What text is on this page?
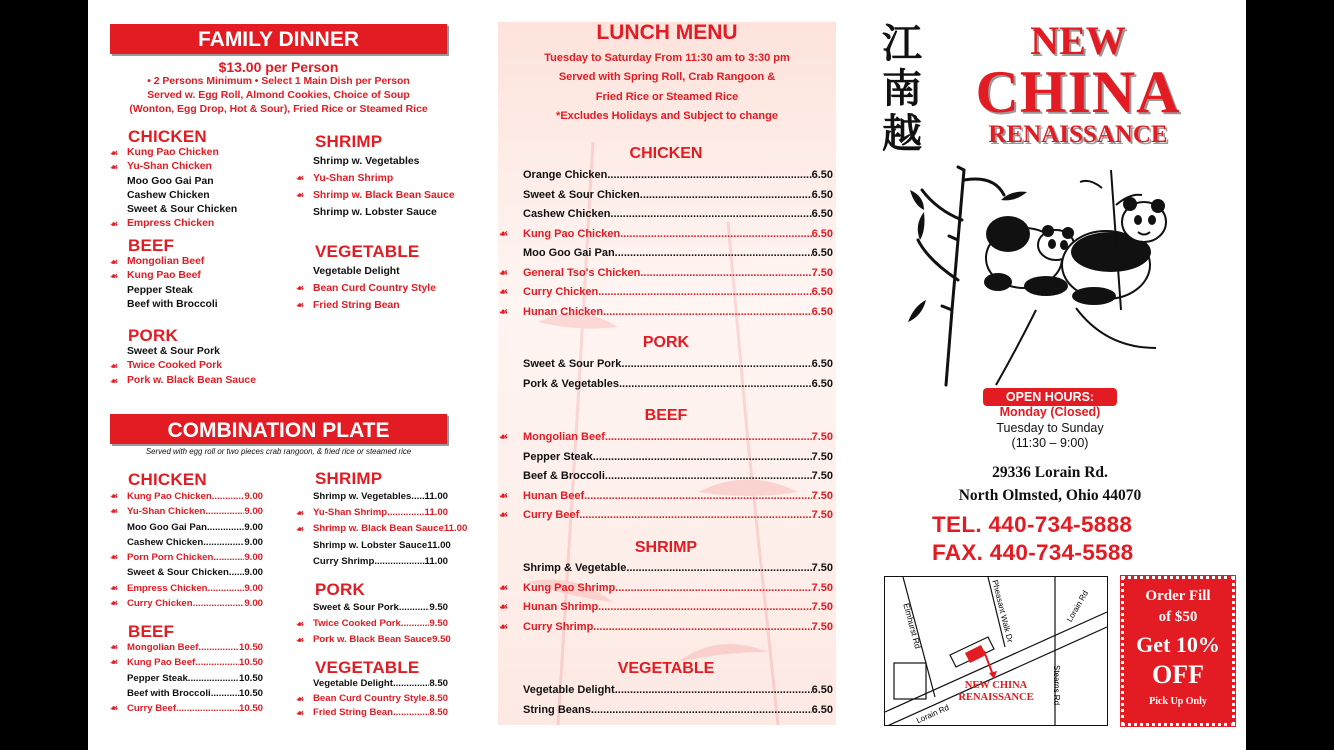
FAMILY DINNER
$13.00 per Person
• 2 Persons Minimum • Select 1 Main Dish per Person
Served w. Egg Roll, Almond Cookies, Choice of Soup
(Wonton, Egg Drop, Hot & Sour), Fried Rice or Steamed Rice
CHICKEN
☙ Kung Pao Chicken
☙ Yu-Shan Chicken
Moo Goo Gai Pan
Cashew Chicken
Sweet & Sour Chicken
☙ Empress Chicken
BEEF
☙ Mongolian Beef
☙ Kung Pao Beef
Pepper Steak
Beef with Broccoli
PORK
Sweet & Sour Pork
☙ Twice Cooked Pork
☙ Pork w. Black Bean Sauce
SHRIMP
Shrimp w. Vegetables
☙ Yu-Shan Shrimp
☙ Shrimp w. Black Bean Sauce
Shrimp w. Lobster Sauce
VEGETABLE
Vegetable Delight
☙ Bean Curd Country Style
☙ Fried String Bean
COMBINATION PLATE
Served with egg roll or two pieces crab rangoon, & fried rice or steamed rice
CHICKEN
☙ Kung Pao Chicken .....	9.00
☙ Yu-Shan Chicken .....	9.00
Moo Goo Gai Pan .....	9.00
Cashew Chicken .....	9.00
☙ Porn Porn Chicken .....	9.00
Sweet & Sour Chicken ..... 9.00
☙ Empress Chicken .....	9.00
☙ Curry Chicken .....	9.00
BEEF
☙ Mongolian Beef .....	10.50
☙ Kung Pao Beef .....	10.50
Pepper Steak .....	10.50
Beef with Broccoli .....	10.50
☙ Curry Beef .....	10.50
SHRIMP
Shrimp w. Vegetables ..... 11.00
☙ Yu-Shan Shrimp .....	11.00
☙ Shrimp w. Black Bean Sauce 11.00
Shrimp w. Lobster Sauce 11.00
Curry Shrimp .....	11.00
PORK
Sweet & Sour Pork .....	9.50
☙ Twice Cooked Pork .....	9.50
☙ Pork w. Black Bean Sauce 9.50
VEGETABLE
Vegetable Delight .....	8.50
☙ Bean Curd Country Style ..... 8.50
☙ Fried String Bean .....	8.50
LUNCH MENU
Tuesday to Saturday From 11:30 am to 3:30 pm
Served with Spring Roll, Crab Rangoon &
Fried Rice or Steamed Rice
*Excludes Holidays and Subject to change
CHICKEN
Orange Chicken .....	6.50
Sweet & Sour Chicken .....	6.50
Cashew Chicken .....	6.50
☙ Kung Pao Chicken .....	6.50
Moo Goo Gai Pan .....	6.50
☙ General Tso's Chicken .....	7.50
☙ Curry Chicken .....	6.50
☙ Hunan Chicken .....	6.50
PORK
Sweet & Sour Pork .....	6.50
Pork & Vegetables .....	6.50
BEEF
☙ Mongolian Beef .....	7.50
Pepper Steak .....	7.50
Beef & Broccoli .....	7.50
☙ Hunan Beef .....	7.50
☙ Curry Beef .....	7.50
SHRIMP
Shrimp & Vegetable .....	7.50
☙ Kung Pao Shrimp .....	7.50
☙ Hunan Shrimp .....	7.50
☙ Curry Shrimp .....	7.50
VEGETABLE
Vegetable Delight .....	6.50
String Beans .....	6.50
江
南
越
NEW
CHINA
RENAISSANCE
OPEN HOURS:
Monday (Closed)
Tuesday to Sunday
(11:30 – 9:00)
29336 Lorain Rd.
North Olmsted, Ohio 44070
TEL. 440-734-5888
FAX. 440-734-5588
Elmhurst Rd	Pheasant Walk Dr	Lorain Rd
Lorain Rd
Stearns Rd
NEW CHINA
RENAISSANCE
Order Fill
of $50
Get 10%
OFF
Pick Up Only
